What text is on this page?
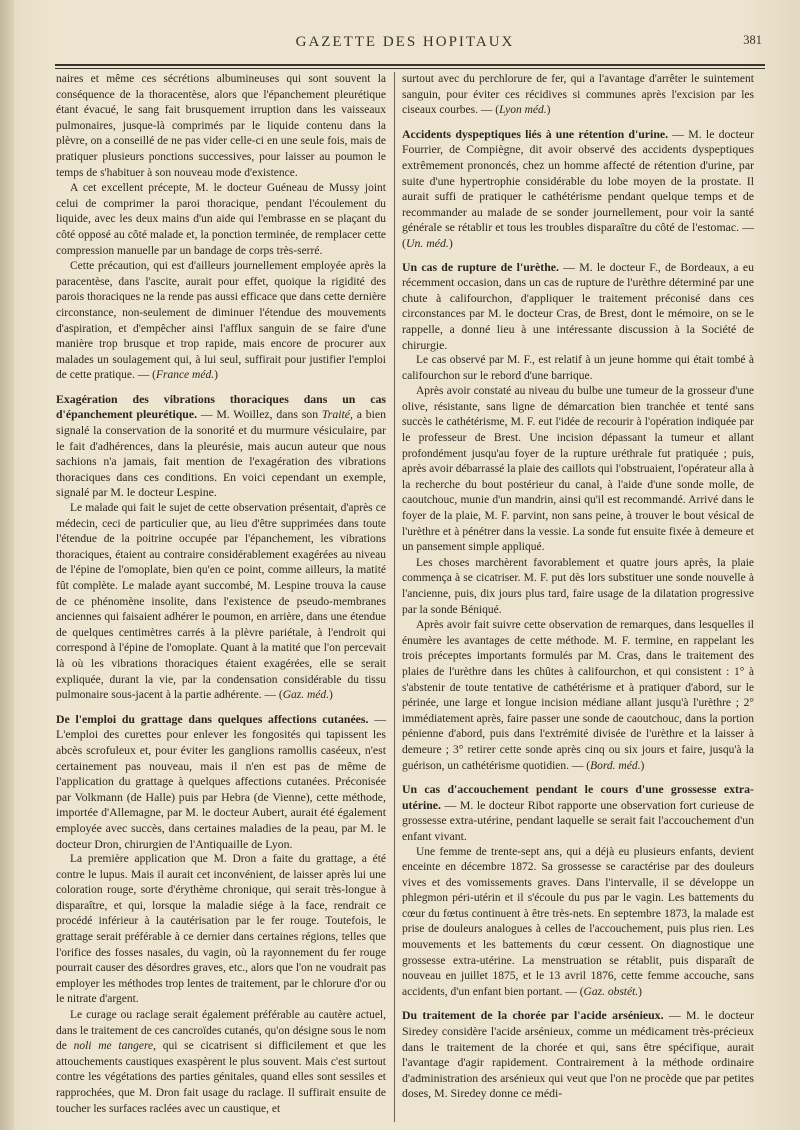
GAZETTE DES HOPITAUX	381

naires et même ces sécrétions albumineuses qui sont souvent la conséquence de la thoracentèse, alors que l'épanchement pleurétique étant évacué, le sang fait brusquement irruption dans les vaisseaux pulmonaires, jusque-là comprimés par le liquide contenu dans la plèvre, on a conseillé de ne pas vider celle-ci en une seule fois, mais de pratiquer plusieurs ponctions successives, pour laisser au poumon le temps de s'habituer à son nouveau mode d'existence.

A cet excellent précepte, M. le docteur Guéneau de Mussy joint celui de comprimer la paroi thoracique, pendant l'écoulement du liquide, avec les deux mains d'un aide qui l'embrasse en se plaçant du côté opposé au côté malade et, la ponction terminée, de remplacer cette compression manuelle par un bandage de corps très-serré.

Cette précaution, qui est d'ailleurs journellement employée après la paracentèse, dans l'ascite, aurait pour effet, quoique la rigidité des parois thoraciques ne la rende pas aussi efficace que dans cette dernière circonstance, non-seulement de diminuer l'étendue des mouvements d'aspiration, et d'empêcher ainsi l'afflux sanguin de se faire d'une manière trop brusque et trop rapide, mais encore de procurer aux malades un soulagement qui, à lui seul, suffirait pour justifier l'emploi de cette pratique. — (France méd.)

Exagération des vibrations thoraciques dans un cas d'épanchement pleurétique. — M. Woillez, dans son Traité, a bien signalé la conservation de la sonorité et du murmure vésiculaire, par le fait d'adhérences, dans la pleurésie, mais aucun auteur que nous sachions n'a jamais, fait mention de l'exagération des vibrations thoraciques dans ces conditions. En voici cependant un exemple, signalé par M. le docteur Lespine.

Le malade qui fait le sujet de cette observation présentait, d'après ce médecin, ceci de particulier que, au lieu d'être supprimées dans toute l'étendue de la poitrine occupée par l'épanchement, les vibrations thoraciques, étaient au contraire considérablement exagérées au niveau de l'épine de l'omoplate, bien qu'en ce point, comme ailleurs, la matité fût complète. Le malade ayant succombé, M. Lespine trouva la cause de ce phénomène insolite, dans l'existence de pseudo-membranes anciennes qui faisaient adhérer le poumon, en arrière, dans une étendue de quelques centimètres carrés à la plèvre pariétale, à l'endroit qui correspond à l'épine de l'omoplate. Quant à la matité que l'on percevait là où les vibrations thoraciques étaient exagérées, elle se serait expliquée, durant la vie, par la condensation considérable du tissu pulmonaire sous-jacent à la partie adhérente. — (Gaz. méd.)

De l'emploi du grattage dans quelques affections cutanées. — L'emploi des curettes pour enlever les fongosités qui tapissent les abcès scrofuleux et, pour éviter les ganglions ramollis caséeux, n'est certainement pas nouveau, mais il n'en est pas de même de l'application du grattage à quelques affections cutanées. Préconisée par Volkmann (de Halle) puis par Hebra (de Vienne), cette méthode, importée d'Allemagne, par M. le docteur Aubert, aurait été également employée avec succès, dans certaines maladies de la peau, par M. le docteur Dron, chirurgien de l'Antiquaille de Lyon.

La première application que M. Dron a faite du grattage, a été contre le lupus. Mais il aurait cet inconvénient, de laisser après lui une coloration rouge, sorte d'érythème chronique, qui serait très-longue à disparaître, et qui, lorsque la maladie siége à la face, rendrait ce procédé inférieur à la cautérisation par le fer rouge. Toutefois, le grattage serait préférable à ce dernier dans certaines régions, telles que l'orifice des fosses nasales, du vagin, où la rayonnement du fer rouge pourrait causer des désordres graves, etc., alors que l'on ne voudrait pas employer les méthodes trop lentes de traitement, par le chlorure d'or ou le nitrate d'argent.

Le curage ou raclage serait également préférable au cautère actuel, dans le traitement de ces cancroïdes cutanés, qu'on désigne sous le nom de noli me tangere, qui se cicatrisent si difficilement et que les attouchements caustiques exaspèrent le plus souvent. Mais c'est surtout contre les végétations des parties génitales, quand elles sont sessiles et rapprochées, que M. Dron fait usage du raclage. Il suffirait ensuite de toucher les surfaces raclées avec un caustique, et

surtout avec du perchlorure de fer, qui a l'avantage d'arrêter le suintement sanguin, pour éviter ces récidives si communes après l'excision par les ciseaux courbes. — (Lyon méd.)

Accidents dyspeptiques liés à une rétention d'urine. — M. le docteur Fourrier, de Compiègne, dit avoir observé des accidents dyspeptiques extrêmement prononcés, chez un homme affecté de rétention d'urine, par suite d'une hypertrophie considérable du lobe moyen de la prostate. Il aurait suffi de pratiquer le cathétérisme pendant quelque temps et de recommander au malade de se sonder journellement, pour voir la santé générale se rétablir et tous les troubles disparaître du côté de l'estomac. — (Un. méd.)
Un cas de rupture de l'urèthe. — M. le docteur F., de Bordeaux, a eu récemment occasion, dans un cas de rupture de l'urèthre déterminé par une chute à califourchon, d'appliquer le traitement préconisé dans ces circonstances par M. le docteur Cras, de Brest, dont le mémoire, on se le rappelle, a donné lieu à une intéressante discussion à la Société de chirurgie.

Le cas observé par M. F., est relatif à un jeune homme qui était tombé à califourchon sur le rebord d'une barrique.

Après avoir constaté au niveau du bulbe une tumeur de la grosseur d'une olive, résistante, sans ligne de démarcation bien tranchée et tenté sans succès le cathétérisme, M. F. eut l'idée de recourir à l'opération indiquée par le professeur de Brest. Une incision dépassant la tumeur et allant profondément jusqu'au foyer de la rupture uréthrale fut pratiquée ; puis, après avoir débarrassé la plaie des caillots qui l'obstruaient, l'opérateur alla à la recherche du bout postérieur du canal, à l'aide d'une sonde molle, de caoutchouc, munie d'un mandrin, ainsi qu'il est recommandé. Arrivé dans le foyer de la plaie, M. F. parvint, non sans peine, à trouver le bout vésical de l'urèthre et à pénétrer dans la vessie. La sonde fut ensuite fixée à demeure et un pansement simple appliqué.

Les choses marchèrent favorablement et quatre jours après, la plaie commença à se cicatriser. M. F. put dès lors substituer une sonde nouvelle à l'ancienne, puis, dix jours plus tard, faire usage de la dilatation progressive par la sonde Béniqué.

Après avoir fait suivre cette observation de remarques, dans lesquelles il énumère les avantages de cette méthode. M. F. termine, en rappelant les trois préceptes importants formulés par M. Cras, dans le traitement des plaies de l'urèthre dans les chûtes à califourchon, et qui consistent : 1° à s'abstenir de toute tentative de cathétérisme et à pratiquer d'abord, sur le périnée, une large et longue incision médiane allant jusqu'à l'urèthre ; 2° immédiatement après, faire passer une sonde de caoutchouc, dans la portion pénienne d'abord, puis dans l'extrémité divisée de l'urèthre et la laisser à demeure ; 3° retirer cette sonde après cinq ou six jours et faire, jusqu'à la guérison, un cathétérisme quotidien. — (Bord. méd.)

Un cas d'accouchement pendant le cours d'une grossesse extra-utérine. — M. le docteur Ribot rapporte une observation fort curieuse de grossesse extra-utérine, pendant laquelle se serait fait l'accouchement d'un enfant vivant.

Une femme de trente-sept ans, qui a déjà eu plusieurs enfants, devient enceinte en décembre 1872. Sa grossesse se caractérise par des douleurs vives et des vomissements graves. Dans l'intervalle, il se développe un phlegmon péri-utérin et il s'écoule du pus par le vagin. Les battements du cœur du fœtus continuent à être très-nets. En septembre 1873, la malade est prise de douleurs analogues à celles de l'accouchement, puis plus rien. Les mouvements et les battements du cœur cessent. On diagnostique une grossesse extra-utérine. La menstruation se rétablit, puis disparaît de nouveau en juillet 1875, et le 13 avril 1876, cette femme accouche, sans accidents, d'un enfant bien portant. — (Gaz. obstét.)

Du traitement de la chorée par l'acide arsénieux. — M. le docteur Siredey considère l'acide arsénieux, comme un médicament très-précieux dans le traitement de la chorée et qui, sans être spécifique, aurait l'avantage d'agir rapidement. Contrairement à la méthode ordinaire d'administration des arsénieux qui veut que l'on ne procède que par petites doses, M. Siredey donne ce médi-
